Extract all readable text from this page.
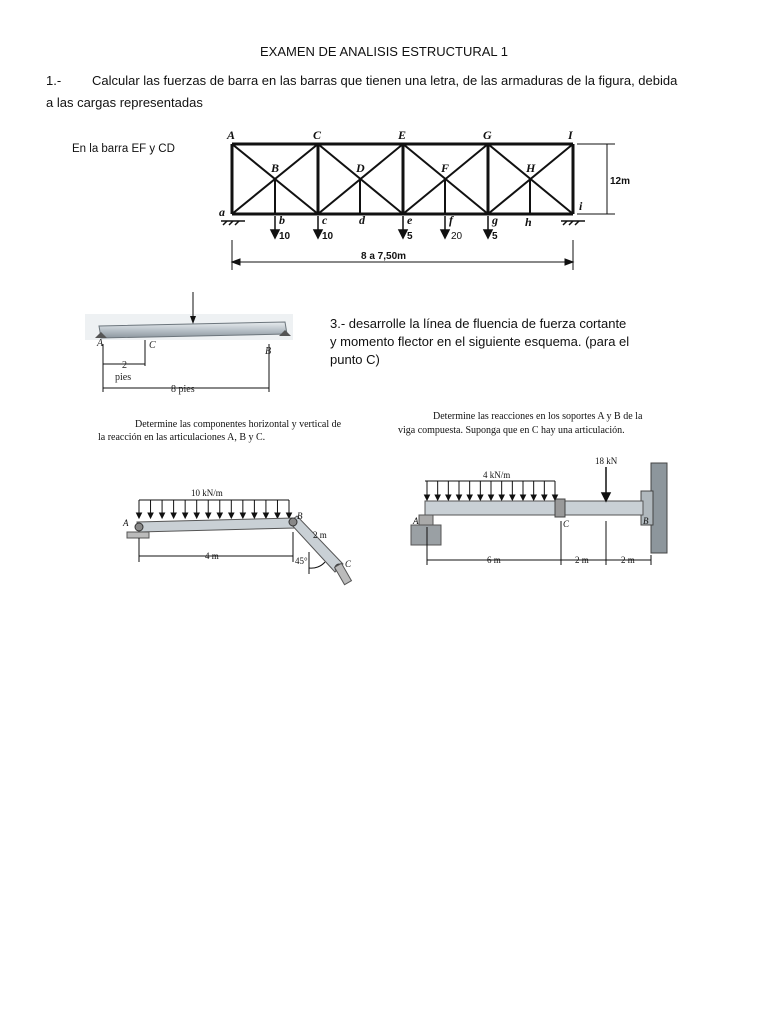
EXAMEN DE ANALISIS ESTRUCTURAL 1
1.- Calcular las fuerzas de barra en las barras que tienen una letra, de las armaduras de la figura, debida
a las cargas representadas
En la barra EF y CD
3.- desarrolle la línea de fluencia de fuerza cortante y momento flector en el siguiente esquema. (para el punto C)
A	C	E	G	I
B	D	F	H
a
b	c	d	e	f	g h
i
10	10	5	20	5
12m
8 a 7,50m
A	C
B
2
pies
8 pies
Determine las componentes horizontal y vertical de
la reacción en las articulaciones A, B y C.
10 kN/m
4 m
2 m
45°
A
B
C
Determine las reacciones en los soportes A y B de la
viga compuesta. Suponga que en C hay una articulación.
4 kN/m
18 kN
6 m	2 m	2 m
A	C	B
